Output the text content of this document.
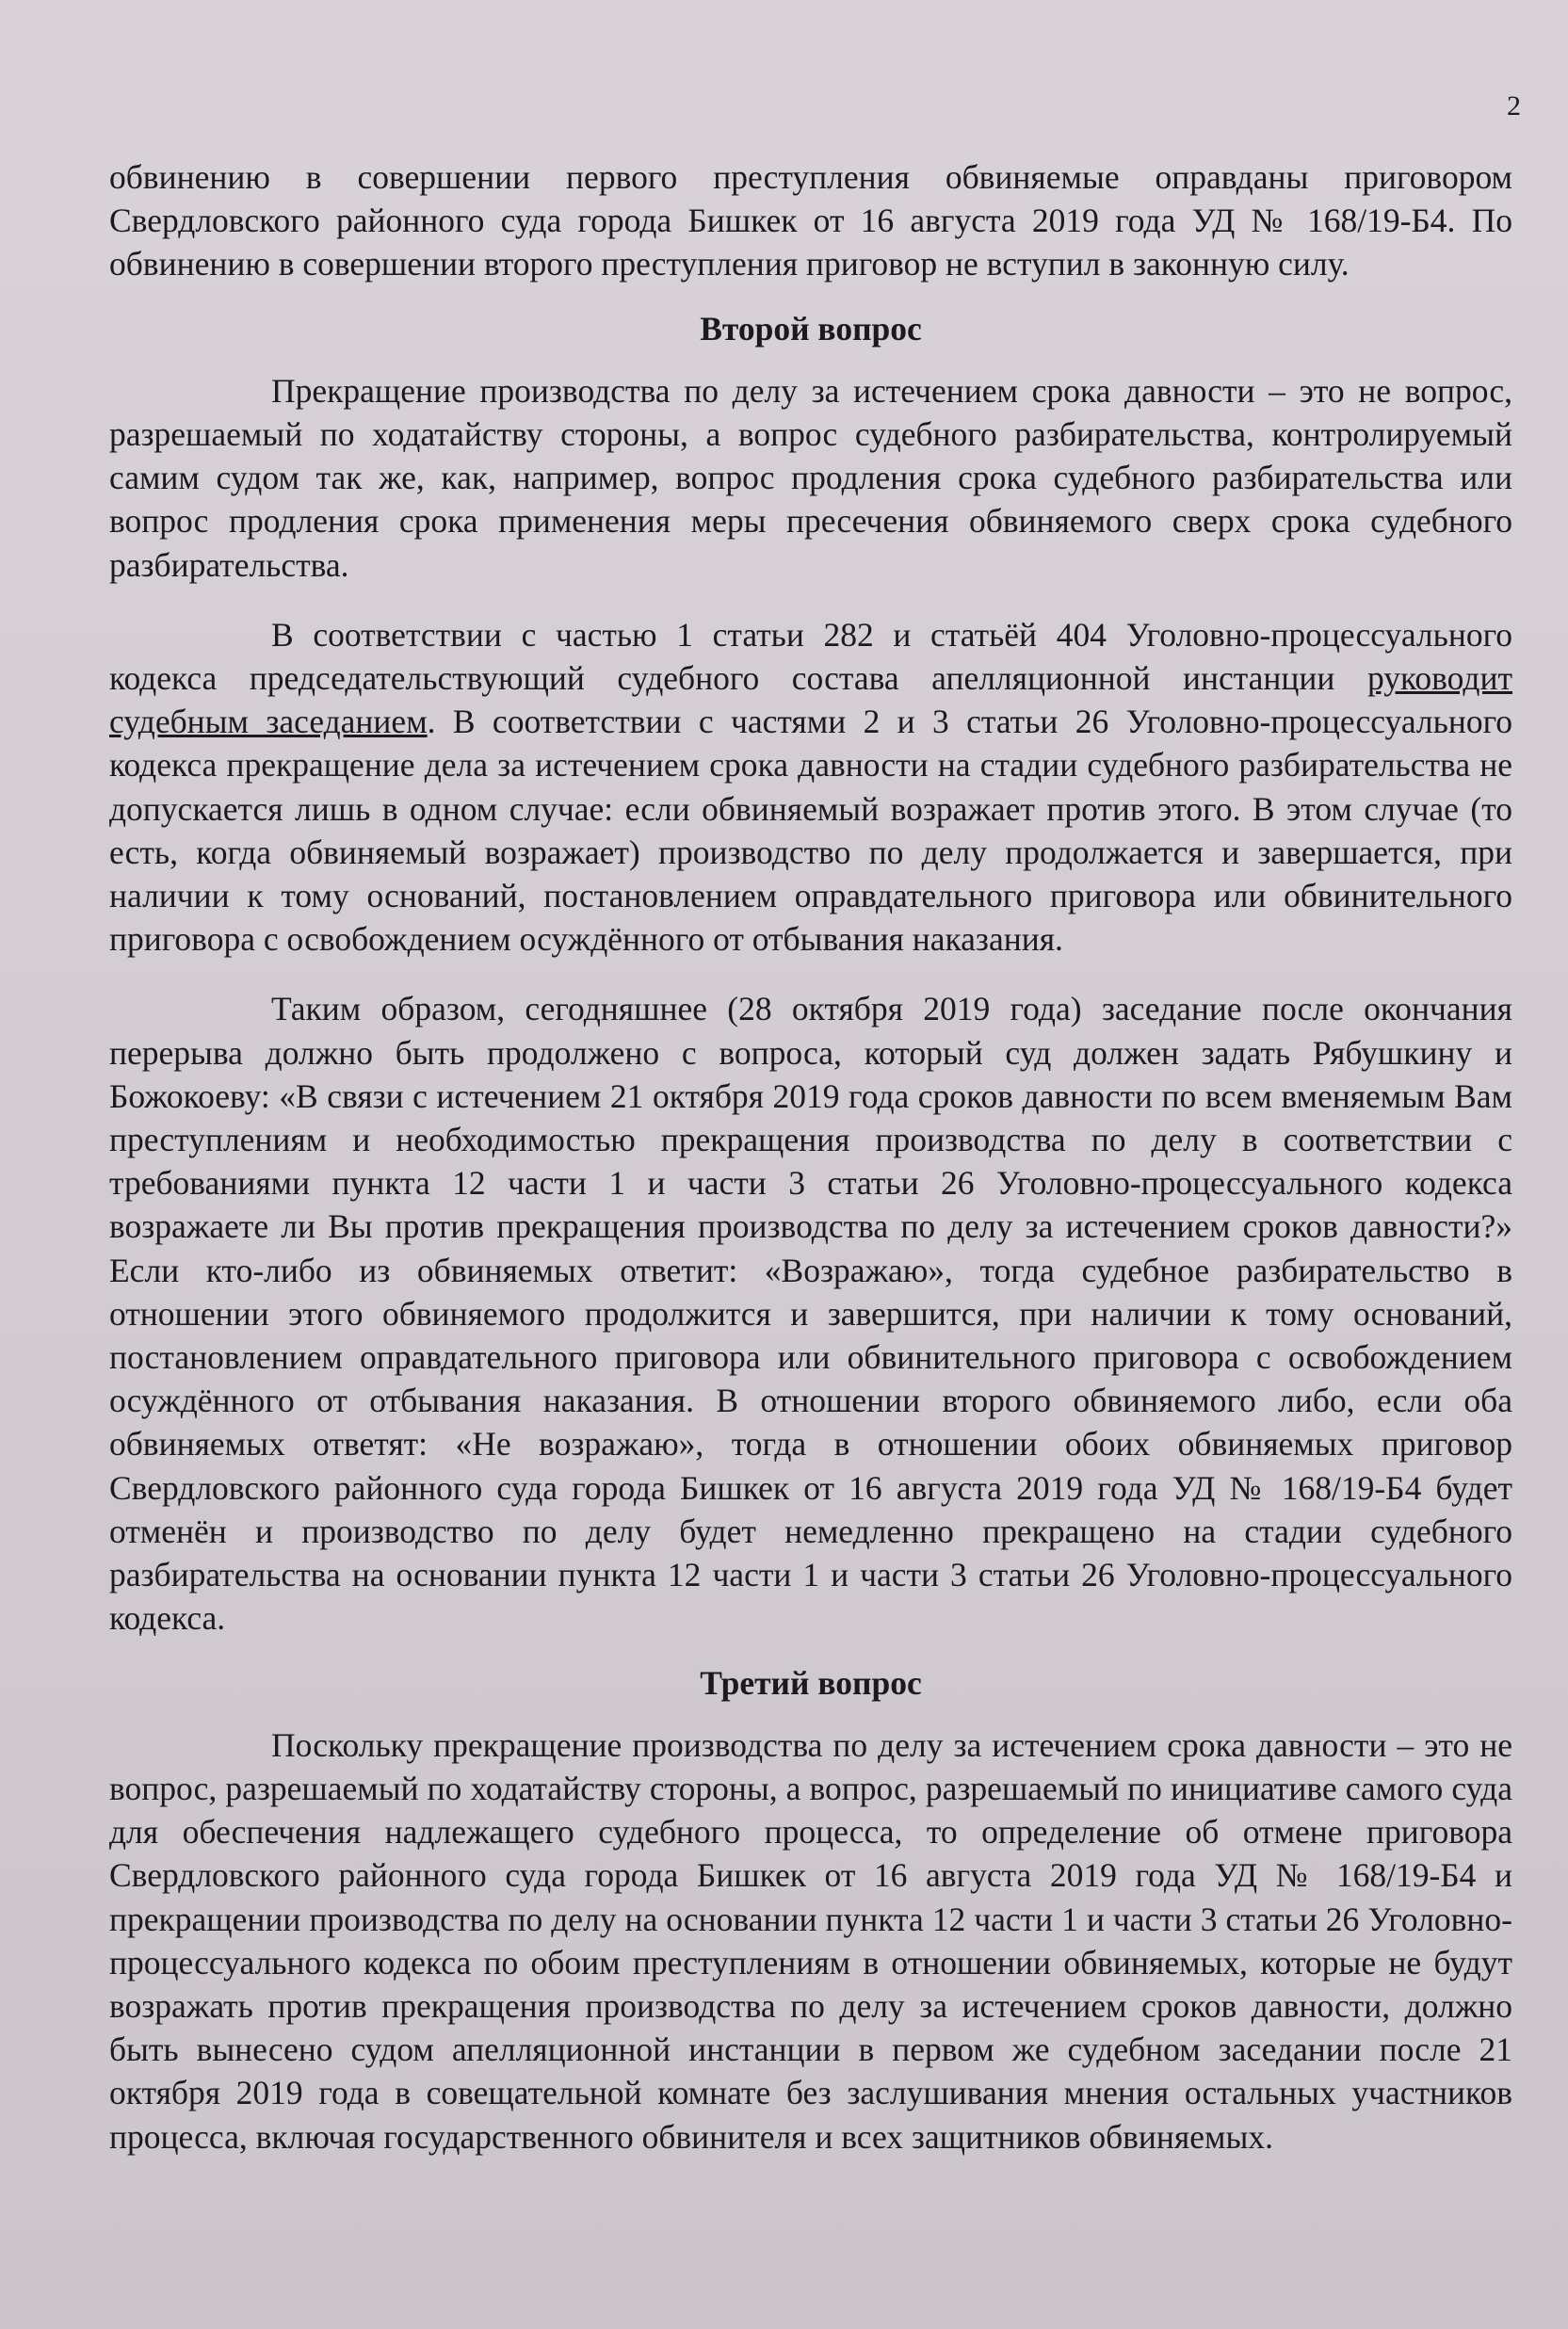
2

обвинению в совершении первого преступления обвиняемые оправданы приговором Свердловского районного суда города Бишкек от 16 августа 2019 года УД № 168/19-Б4. По обвинению в совершении второго преступления приговор не вступил в законную силу.

Второй вопрос

Прекращение производства по делу за истечением срока давности – это не вопрос, разрешаемый по ходатайству стороны, а вопрос судебного разбирательства, контролируемый самим судом так же, как, например, вопрос продления срока судебного разбирательства или вопрос продления срока применения меры пресечения обвиняемого сверх срока судебного разбирательства.

В соответствии с частью 1 статьи 282 и статьёй 404 Уголовно-процессуального кодекса председательствующий судебного состава апелляционной инстанции руководит судебным заседанием. В соответствии с частями 2 и 3 статьи 26 Уголовно-процессуального кодекса прекращение дела за истечением срока давности на стадии судебного разбирательства не допускается лишь в одном случае: если обвиняемый возражает против этого. В этом случае (то есть, когда обвиняемый возражает) производство по делу продолжается и завершается, при наличии к тому оснований, постановлением оправдательного приговора или обвинительного приговора с освобождением осуждённого от отбывания наказания.

Таким образом, сегодняшнее (28 октября 2019 года) заседание после окончания перерыва должно быть продолжено с вопроса, который суд должен задать Рябушкину и Божокоеву: «В связи с истечением 21 октября 2019 года сроков давности по всем вменяемым Вам преступлениям и необходимостью прекращения производства по делу в соответствии с требованиями пункта 12 части 1 и части 3 статьи 26 Уголовно-процессуального кодекса возражаете ли Вы против прекращения производства по делу за истечением сроков давности?» Если кто-либо из обвиняемых ответит: «Возражаю», тогда судебное разбирательство в отношении этого обвиняемого продолжится и завершится, при наличии к тому оснований, постановлением оправдательного приговора или обвинительного приговора с освобождением осуждённого от отбывания наказания. В отношении второго обвиняемого либо, если оба обвиняемых ответят: «Не возражаю», тогда в отношении обоих обвиняемых приговор Свердловского районного суда города Бишкек от 16 августа 2019 года УД № 168/19-Б4 будет отменён и производство по делу будет немедленно прекращено на стадии судебного разбирательства на основании пункта 12 части 1 и части 3 статьи 26 Уголовно-процессуального кодекса.

Третий вопрос

Поскольку прекращение производства по делу за истечением срока давности – это не вопрос, разрешаемый по ходатайству стороны, а вопрос, разрешаемый по инициативе самого суда для обеспечения надлежащего судебного процесса, то определение об отмене приговора Свердловского районного суда города Бишкек от 16 августа 2019 года УД № 168/19-Б4 и прекращении производства по делу на основании пункта 12 части 1 и части 3 статьи 26 Уголовно-процессуального кодекса по обоим преступлениям в отношении обвиняемых, которые не будут возражать против прекращения производства по делу за истечением сроков давности, должно быть вынесено судом апелляционной инстанции в первом же судебном заседании после 21 октября 2019 года в совещательной комнате без заслушивания мнения остальных участников процесса, включая государственного обвинителя и всех защитников обвиняемых.
